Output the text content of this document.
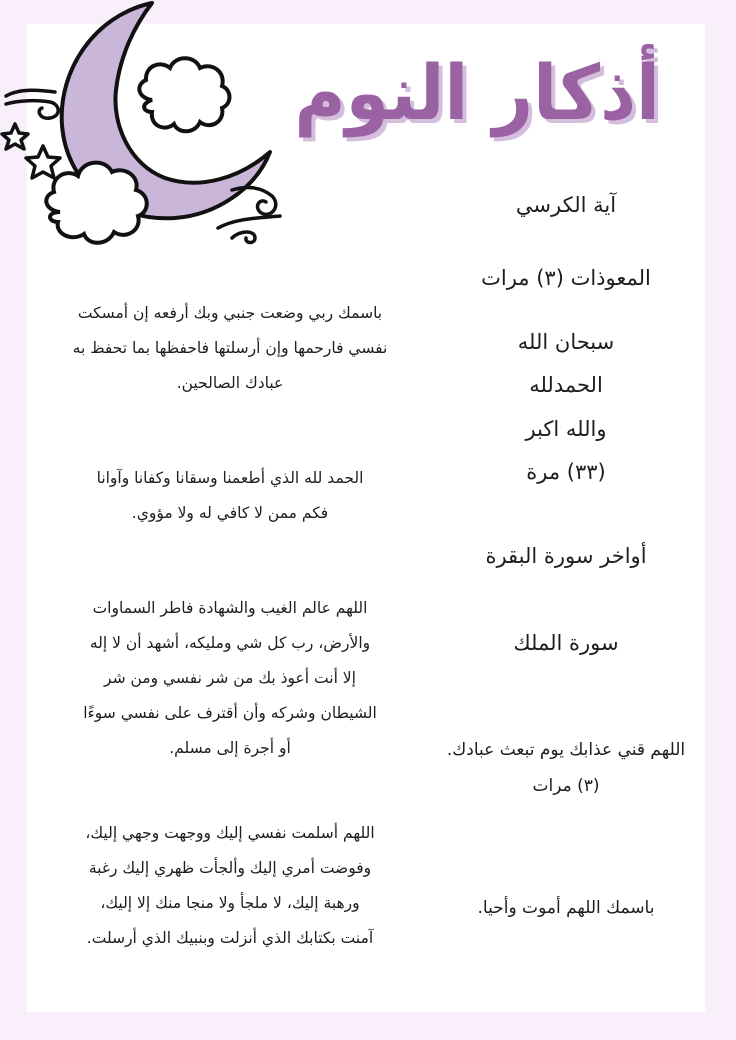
أذكار النوم
آية الكرسي
المعوذات (٣) مرات
سبحان الله
الحمدلله
والله اكبر
(٣٣) مرة
أواخر سورة البقرة
سورة الملك
اللهم قني عذابك يوم تبعث عبادك.
(٣) مرات
باسمك اللهم أموت وأحيا.
باسمك ربي وضعت جنبي وبك أرفعه إن أمسكت
نفسي فارحمها وإن أرسلتها فاحفظها بما تحفظ به
عبادك الصالحين.
الحمد لله الذي أطعمنا وسقانا وكفانا وآوانا
فكم ممن لا كافي له ولا مؤوي.
اللهم عالم الغيب والشهادة فاطر السماوات
والأرض، رب كل شي ومليكه، أشهد أن لا إله
إلا أنت أعوذ بك من شر نفسي ومن شر
الشيطان وشركه وأن أقترف على نفسي سوءًا
أو أجرة إلى مسلم.
اللهم أسلمت نفسي إليك ووجهت وجهي إليك،
وفوضت أمري إليك وألجأت ظهري إليك رغبة
ورهبة إليك، لا ملجأ ولا منجا منك إلا إليك،
آمنت بكتابك الذي أنزلت وبنبيك الذي أرسلت.
